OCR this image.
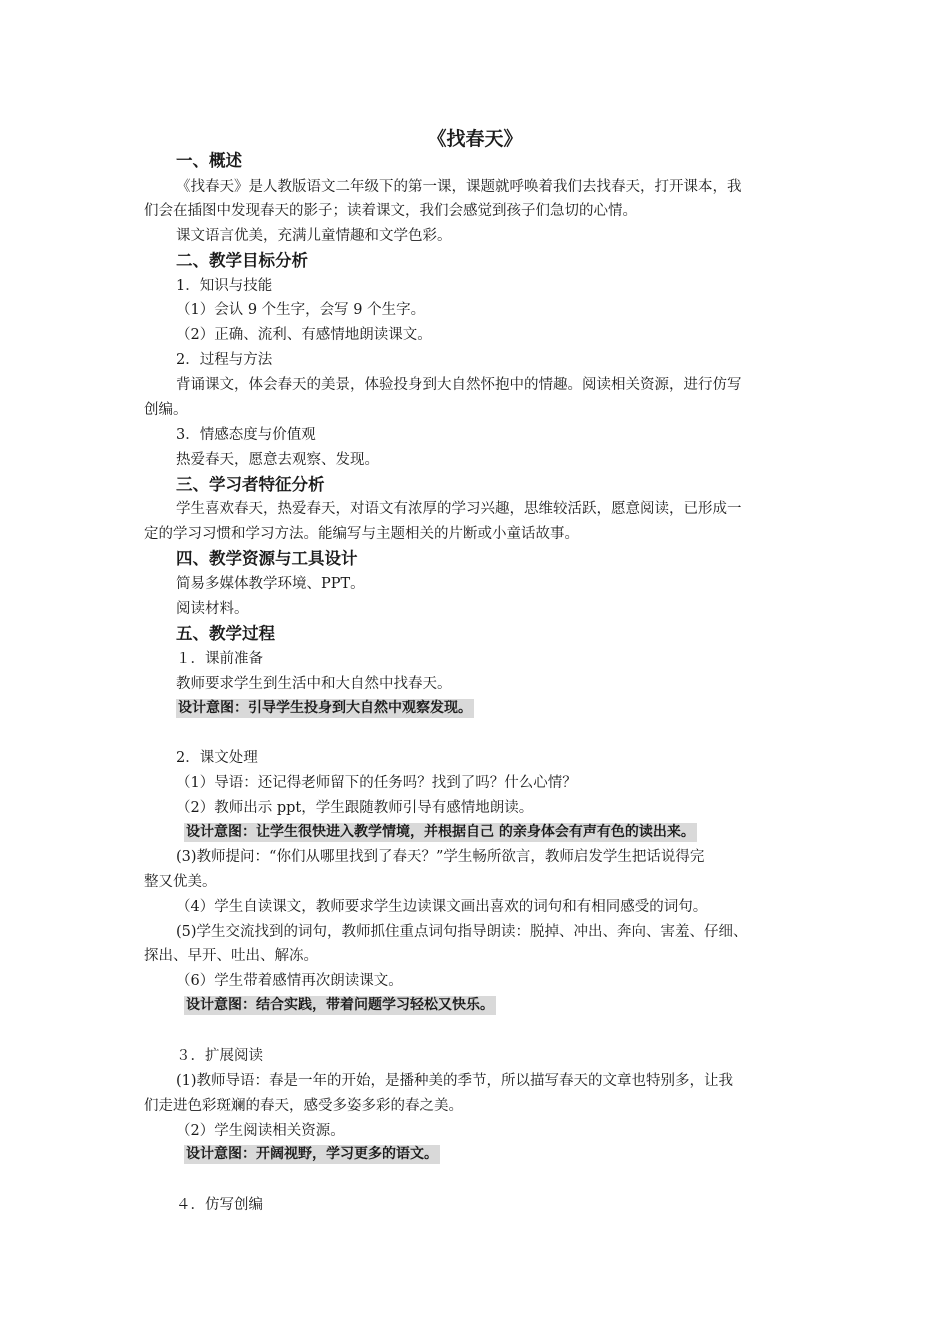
《找春天》
一、概述
《找春天》是人教版语文二年级下的第一课，课题就呼唤着我们去找春天，打开课本，我
们会在插图中发现春天的影子；读着课文，我们会感觉到孩子们急切的心情。
课文语言优美，充满儿童情趣和文学色彩。
二、教学目标分析
1．知识与技能
（1）会认 9 个生字，会写 9 个生字。
（2）正确、流利、有感情地朗读课文。
2．过程与方法
背诵课文，体会春天的美景，体验投身到大自然怀抱中的情趣。阅读相关资源，进行仿写
创编。
3．情感态度与价值观
热爱春天，愿意去观察、发现。
三、学习者特征分析
学生喜欢春天，热爱春天，对语文有浓厚的学习兴趣，思维较活跃，愿意阅读，已形成一
定的学习习惯和学习方法。能编写与主题相关的片断或小童话故事。
四、教学资源与工具设计
简易多媒体教学环境、PPT。
阅读材料。
五、教学过程
１．课前准备
教师要求学生到生活中和大自然中找春天。
设计意图：引导学生投身到大自然中观察发现。
2．课文处理
（1）导语：还记得老师留下的任务吗？找到了吗？什么心情？
（2）教师出示 ppt，学生跟随教师引导有感情地朗读。
设计意图：让学生很快进入教学情境，并根据自己 的亲身体会有声有色的读出来。
(3)教师提问：“你们从哪里找到了春天？”学生畅所欲言，教师启发学生把话说得完
整又优美。
（4）学生自读课文，教师要求学生边读课文画出喜欢的词句和有相同感受的词句。
(5)学生交流找到的词句，教师抓住重点词句指导朗读：脱掉、冲出、奔向、害羞、仔细、
探出、早开、吐出、解冻。
（6）学生带着感情再次朗读课文。
设计意图：结合实践，带着问题学习轻松又快乐。
３．扩展阅读
(1)教师导语：春是一年的开始，是播种美的季节，所以描写春天的文章也特别多，让我
们走进色彩斑斓的春天，感受多姿多彩的春之美。
（2）学生阅读相关资源。
设计意图：开阔视野，学习更多的语文。
４．仿写创编
